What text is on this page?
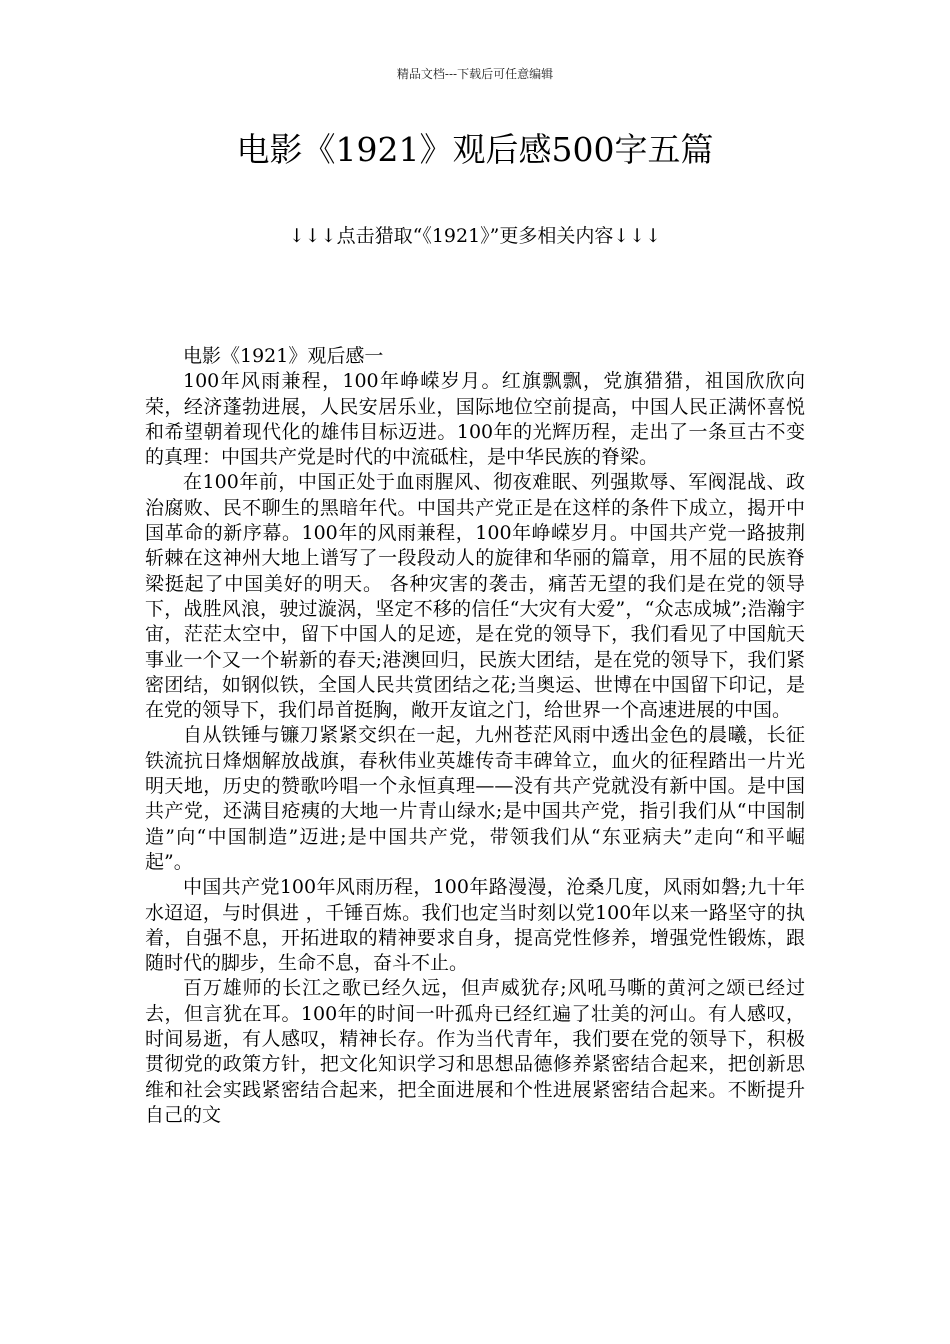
精品文档---下载后可任意编辑
电影《1921》观后感500字五篇
↓↓↓点击猎取“《1921》”更多相关内容↓↓↓
电影《1921》观后感一

100年风雨兼程，100年峥嵘岁月。红旗飘飘，党旗猎猎，祖国欣欣向荣，经济蓬勃进展，人民安居乐业，国际地位空前提高，中国人民正满怀喜悦和希望朝着现代化的雄伟目标迈进。100年的光辉历程，走出了一条亘古不变的真理：中国共产党是时代的中流砥柱，是中华民族的脊梁。

在100年前，中国正处于血雨腥风、彻夜难眠、列强欺辱、军阀混战、政治腐败、民不聊生的黑暗年代。中国共产党正是在这样的条件下成立，揭开中国革命的新序幕。100年的风雨兼程，100年峥嵘岁月。中国共产党一路披荆斩棘在这神州大地上谱写了一段段动人的旋律和华丽的篇章，用不屈的民族脊梁挺起了中国美好的明天。 各种灾害的袭击，痛苦无望的我们是在党的领导下，战胜风浪，驶过漩涡，坚定不移的信任“大灾有大爱”，“众志成城”;浩瀚宇宙，茫茫太空中，留下中国人的足迹，是在党的领导下，我们看见了中国航天事业一个又一个崭新的春天;港澳回归，民族大团结，是在党的领导下，我们紧密团结，如钢似铁，全国人民共赏团结之花;当奥运、世博在中国留下印记，是在党的领导下，我们昂首挺胸，敞开友谊之门，给世界一个高速进展的中国。

自从铁锤与镰刀紧紧交织在一起，九州苍茫风雨中透出金色的晨曦，长征铁流抗日烽烟解放战旗，春秋伟业英雄传奇丰碑耸立，血火的征程踏出一片光明天地，历史的赞歌吟唱一个永恒真理——没有共产党就没有新中国。是中国共产党，还满目疮痍的大地一片青山绿水;是中国共产党，指引我们从“中国制造”向“中国制造”迈进;是中国共产党，带领我们从“东亚病夫”走向“和平崛起”。

中国共产党100年风雨历程，100年路漫漫，沧桑几度，风雨如磐;九十年水迢迢，与时俱进 ，千锤百炼。我们也定当时刻以党100年以来一路坚守的执着，自强不息，开拓进取的精神要求自身，提高党性修养，增强党性锻炼，跟随时代的脚步，生命不息，奋斗不止。

百万雄师的长江之歌已经久远，但声威犹存;风吼马嘶的黄河之颂已经过去，但言犹在耳。100年的时间一叶孤舟已经红遍了壮美的河山。有人感叹，时间易逝，有人感叹，精神长存。作为当代青年，我们要在党的领导下，积极贯彻党的政策方针，把文化知识学习和思想品德修养紧密结合起来，把创新思维和社会实践紧密结合起来，把全面进展和个性进展紧密结合起来。不断提升自己的文
